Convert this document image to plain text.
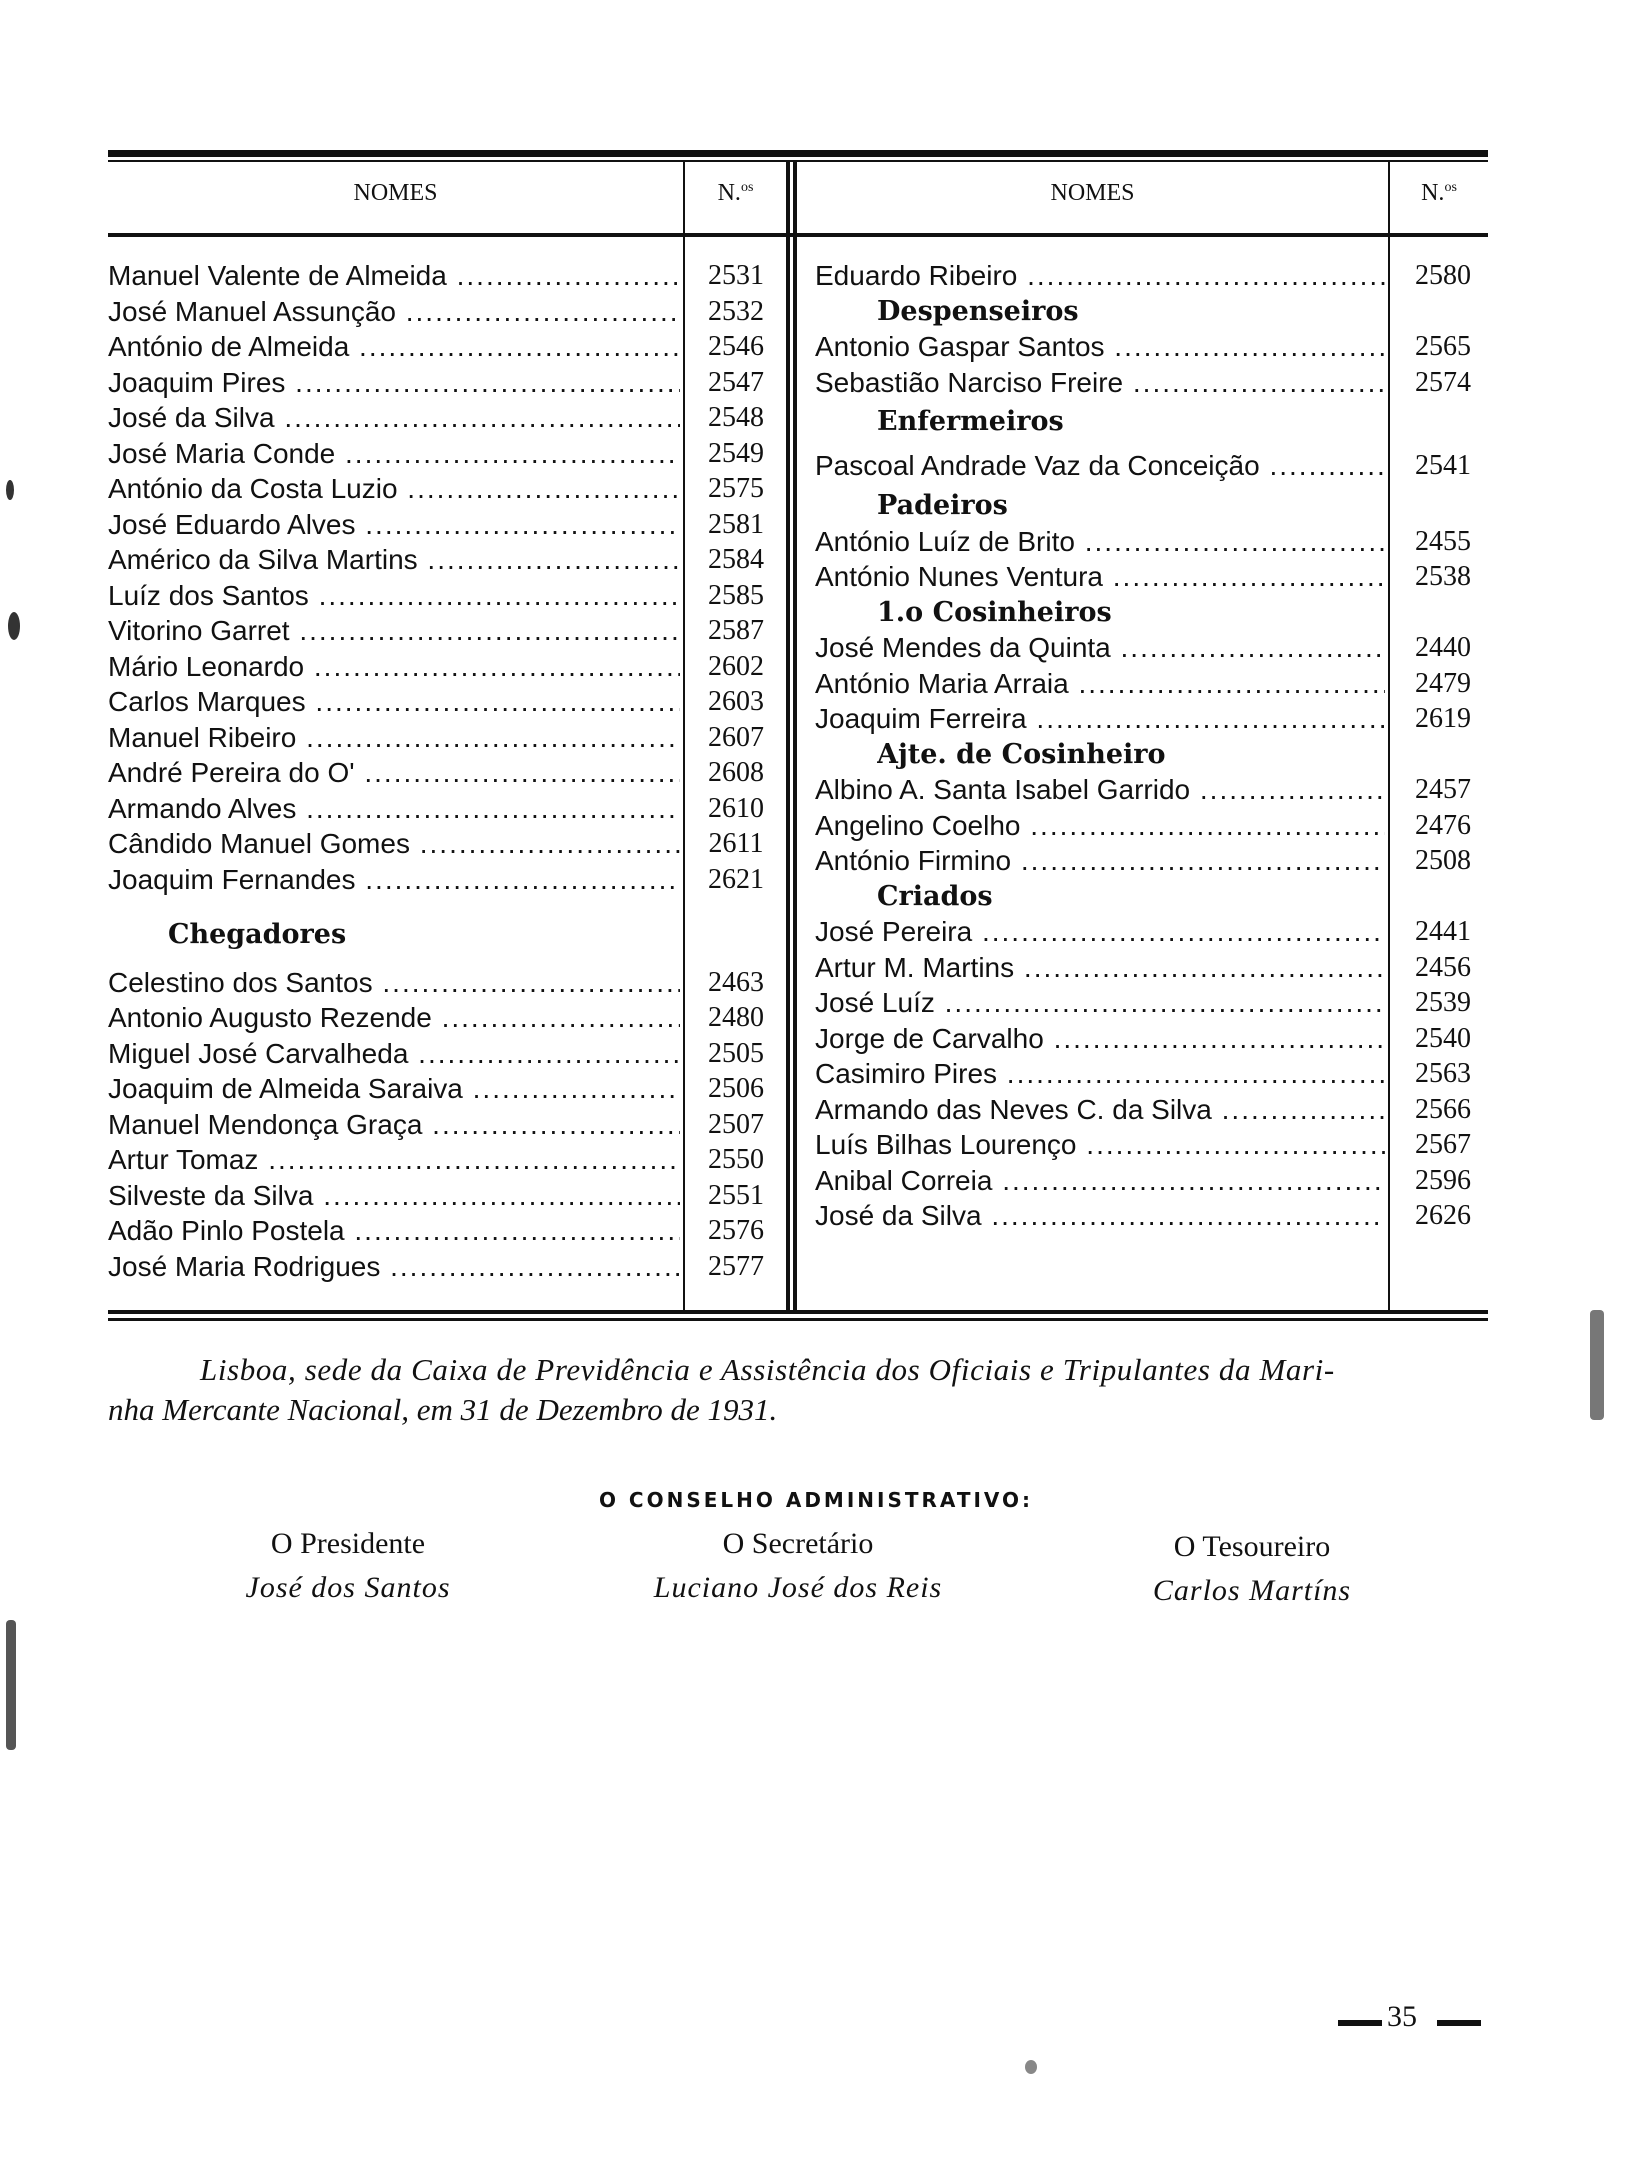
NOMES	N.$^{os}$	NOMES	N.$^{os}$
Manuel Valente de Almeida .....	2531
José Manuel Assunção .....	2532
António de Almeida .....	2546
Joaquim Pires .....	2547
José da Silva .....	2548
José Maria Conde .....	2549
António da Costa Luzio .....	2575
José Eduardo Alves .....	2581
Américo da Silva Martins .....	2584
Luíz dos Santos .....	2585
Vitorino Garret .....	2587
Mário Leonardo .....	2602
Carlos Marques .....	2603
Manuel Ribeiro .....	2607
André Pereira do O' .....	2608
Armando Alves .....	2610
Cândido Manuel Gomes .....	2611
Joaquim Fernandes .....	2621
Chegadores
Celestino dos Santos .....	2463
Antonio Augusto Rezende .....	2480
Miguel José Carvalheda .....	2505
Joaquim de Almeida Saraiva .....	2506
Manuel Mendonça Graça .....	2507
Artur Tomaz .....	2550
Silveste da Silva .....	2551
Adão Pinlo Postela .....	2576
José Maria Rodrigues .....	2577
Eduardo Ribeiro .....	2580
Despenseiros
Antonio Gaspar Santos .....	2565
Sebastião Narciso Freire .....	2574
Enfermeiros
Pascoal Andrade Vaz da Conceição .....	2541
Padeiros
António Luíz de Brito .....	2455
António Nunes Ventura .....	2538
1.o Cosinheiros
José Mendes da Quinta .....	2440
António Maria Arraia .....	2479
Joaquim Ferreira .....	2619
Ajte. de Cosinheiro
Albino A. Santa Isabel Garrido .....	2457
Angelino Coelho .....	2476
António Firmino .....	2508
Criados
José Pereira .....	2441
Artur M. Martins .....	2456
José Luíz .....	2539
Jorge de Carvalho .....	2540
Casimiro Pires .....	2563
Armando das Neves C. da Silva .....	2566
Luís Bilhas Lourenço .....	2567
Anibal Correia .....	2596
José da Silva .....	2626
Lisboa, sede da Caixa de Previdência e Assistência dos Oficiais e Tripulantes da Mari-
nha Mercante Nacional, em 31 de Dezembro de 1931.
O CONSELHO ADMINISTRATIVO:
O Presidente
José dos Santos
O Secretário
Luciano José dos Reis
O Tesoureiro
Carlos Martíns
35
